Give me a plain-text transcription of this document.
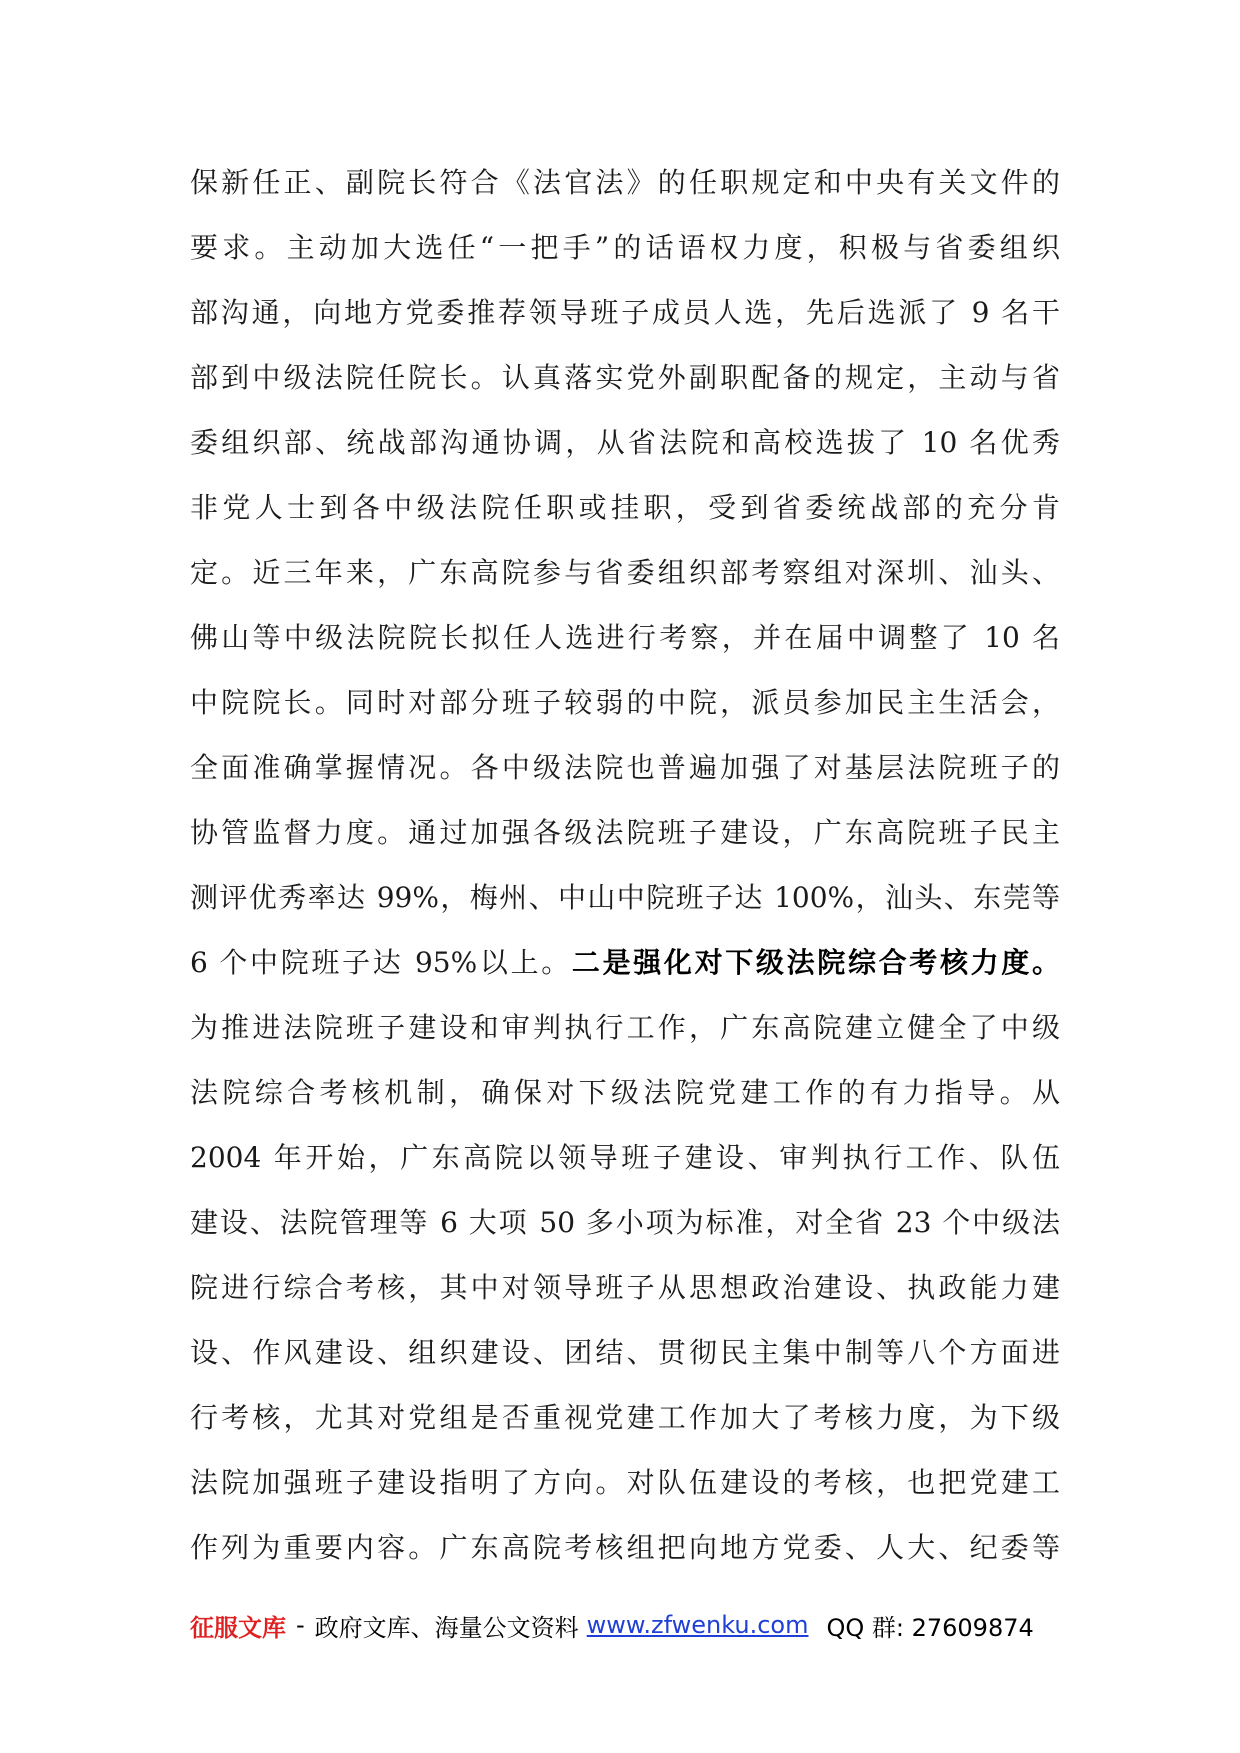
保新任正、副院长符合《法官法》的任职规定和中央有关文件的
要求。主动加大选任“一把手”的话语权力度，积极与省委组织
部沟通，向地方党委推荐领导班子成员人选，先后选派了 9 名干
部到中级法院任院长。认真落实党外副职配备的规定，主动与省
委组织部、统战部沟通协调，从省法院和高校选拔了 10 名优秀
非党人士到各中级法院任职或挂职，受到省委统战部的充分肯
定。近三年来，广东高院参与省委组织部考察组对深圳、汕头、
佛山等中级法院院长拟任人选进行考察，并在届中调整了 10 名
中院院长。同时对部分班子较弱的中院，派员参加民主生活会，
全面准确掌握情况。各中级法院也普遍加强了对基层法院班子的
协管监督力度。通过加强各级法院班子建设，广东高院班子民主
测评优秀率达 99%，梅州、中山中院班子达 100%，汕头、东莞等
6 个中院班子达 95%以上。二是强化对下级法院综合考核力度。
为推进法院班子建设和审判执行工作，广东高院建立健全了中级
法院综合考核机制，确保对下级法院党建工作的有力指导。从
2004 年开始，广东高院以领导班子建设、审判执行工作、队伍
建设、法院管理等 6 大项 50 多小项为标准，对全省 23 个中级法
院进行综合考核，其中对领导班子从思想政治建设、执政能力建
设、作风建设、组织建设、团结、贯彻民主集中制等八个方面进
行考核，尤其对党组是否重视党建工作加大了考核力度，为下级
法院加强班子建设指明了方向。对队伍建设的考核，也把党建工
作列为重要内容。广东高院考核组把向地方党委、人大、纪委等
征服文库 - 政府文库、海量公文资料 www.zfwenku.com QQ 群: 27609874
